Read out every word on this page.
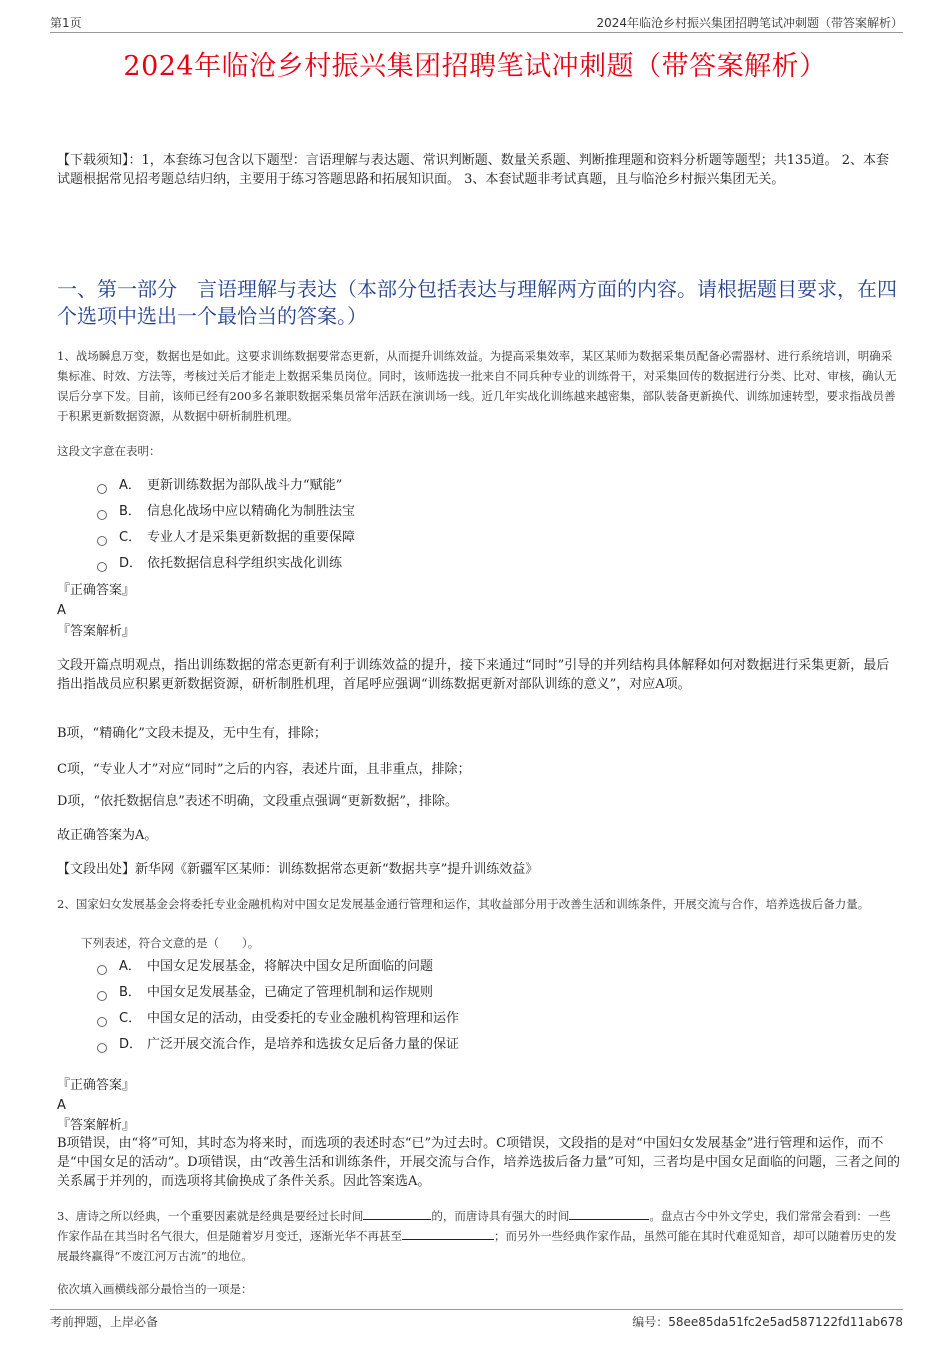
第1页	2024年临沧乡村振兴集团招聘笔试冲刺题（带答案解析）
2024年临沧乡村振兴集团招聘笔试冲刺题（带答案解析）
【下载须知】：1，本套练习包含以下题型：言语理解与表达题、常识判断题、数量关系题、判断推理题和资料分析题等题型；共135道。 2、本套试题根据常见招考题总结归纳，主要用于练习答题思路和拓展知识面。 3、本套试题非考试真题，且与临沧乡村振兴集团无关。
一、第一部分　言语理解与表达（本部分包括表达与理解两方面的内容。请根据题目要求，在四个选项中选出一个最恰当的答案。）
1、战场瞬息万变，数据也是如此。这要求训练数据要常态更新，从而提升训练效益。为提高采集效率，某区某师为数据采集员配备必需器材、进行系统培训，明确采集标准、时效、方法等，考核过关后才能走上数据采集员岗位。同时，该师选拔一批来自不同兵种专业的训练骨干，对采集回传的数据进行分类、比对、审核，确认无误后分享下发。目前，该师已经有200多名兼职数据采集员常年活跃在演训场一线。近几年实战化训练越来越密集，部队装备更新换代、训练加速转型，要求指战员善于积累更新数据资源，从数据中研析制胜机理。
这段文字意在表明：
A． 更新训练数据为部队战斗力“赋能”
B． 信息化战场中应以精确化为制胜法宝
C． 专业人才是采集更新数据的重要保障
D． 依托数据信息科学组织实战化训练
『正确答案』
A
『答案解析』
文段开篇点明观点，指出训练数据的常态更新有利于训练效益的提升，接下来通过“同时”引导的并列结构具体解释如何对数据进行采集更新，最后指出指战员应积累更新数据资源，研析制胜机理，首尾呼应强调“训练数据更新对部队训练的意义”，对应A项。
B项，“精确化”文段未提及，无中生有，排除；
C项，“专业人才”对应“同时”之后的内容，表述片面，且非重点，排除；
D项，“依托数据信息”表述不明确，文段重点强调“更新数据”，排除。
故正确答案为A。
【文段出处】新华网《新疆军区某师：训练数据常态更新“数据共享”提升训练效益》
2、国家妇女发展基金会将委托专业金融机构对中国女足发展基金通行管理和运作，其收益部分用于改善生活和训练条件，开展交流与合作，培养选拔后备力量。
下列表述，符合文意的是（　　）。
A． 中国女足发展基金，将解决中国女足所面临的问题
B． 中国女足发展基金，已确定了管理机制和运作规则
C． 中国女足的活动，由受委托的专业金融机构管理和运作
D． 广泛开展交流合作，是培养和选拔女足后备力量的保证
『正确答案』
A
『答案解析』
B项错误，由“将”可知，其时态为将来时，而选项的表述时态“已”为过去时。C项错误，文段指的是对“中国妇女发展基金”进行管理和运作，而不是“中国女足的活动”。D项错误，由“改善生活和训练条件，开展交流与合作，培养选拔后备力量”可知，三者均是中国女足面临的问题，三者之间的关系属于并列的，而选项将其偷换成了条件关系。因此答案选A。
3、唐诗之所以经典，一个重要因素就是经典是要经过长时间	的，而唐诗具有强大的时间	。盘点古今中外文学史，我们常常会看到：一些作家作品在其当时名气很大，但是随着岁月变迁，逐渐光华不再甚至	；而另外一些经典作家作品，虽然可能在其时代难觅知音，却可以随着历史的发展最终赢得“不废江河万古流”的地位。
依次填入画横线部分最恰当的一项是：
考前押题，上岸必备	编号：58ee85da51fc2e5ad587122fd11ab678
